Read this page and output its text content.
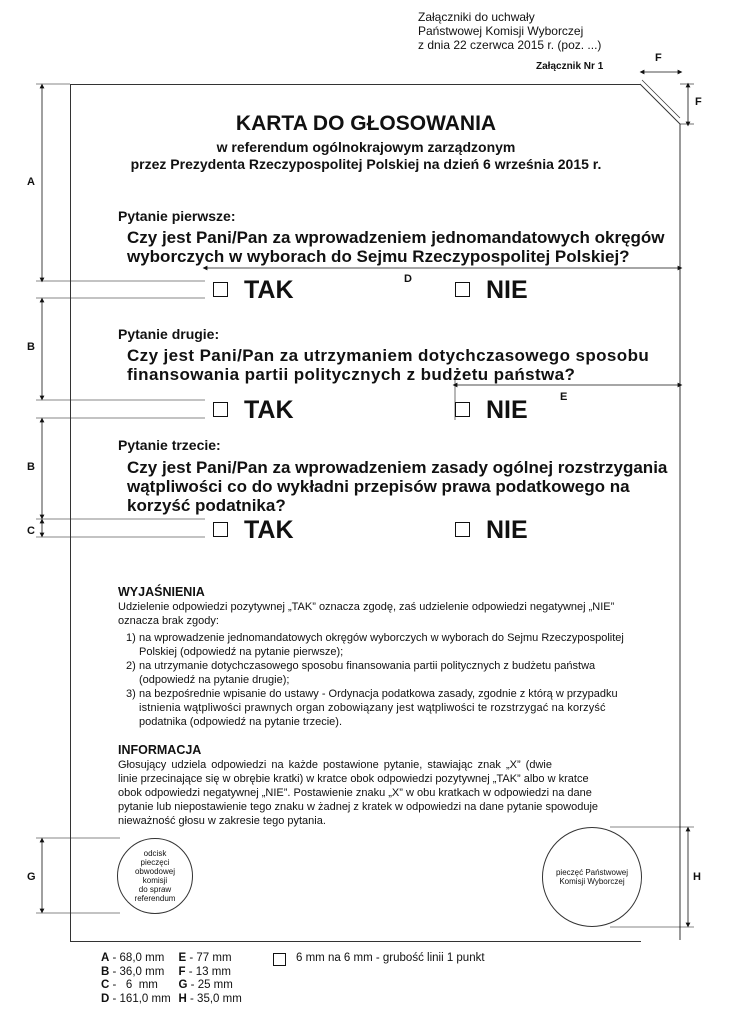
Załączniki do uchwały
Państwowej Komisji Wyborczej
z dnia 22 czerwca 2015 r. (poz. ...)
Załącznik Nr 1
A
B
B
C
D
E
F
F
G	H
KARTA DO GŁOSOWANIA
w referendum ogólnokrajowym zarządzonym
przez Prezydenta Rzeczypospolitej Polskiej na dzień 6 września 2015 r.
Pytanie pierwsze:
Czy jest Pani/Pan za wprowadzeniem jednomandatowych okręgów
wyborczych w wyborach do Sejmu Rzeczypospolitej Polskiej?
TAK	NIE
Pytanie drugie:
Czy jest Pani/Pan za utrzymaniem dotychczasowego sposobu
finansowania partii politycznych z budżetu państwa?
TAK	NIE
Pytanie trzecie:
Czy jest Pani/Pan za wprowadzeniem zasady ogólnej rozstrzygania
wątpliwości co do wykładni przepisów prawa podatkowego na
korzyść podatnika?
TAK	NIE
WYJAŚNIENIA
Udzielenie odpowiedzi pozytywnej „TAK” oznacza zgodę, zaś udzielenie odpowiedzi negatywnej „NIE”
oznacza brak zgody:
1) na wprowadzenie jednomandatowych okręgów wyborczych w wyborach do Sejmu Rzeczypospolitej
Polskiej (odpowiedź na pytanie pierwsze);
2) na utrzymanie dotychczasowego sposobu finansowania partii politycznych z budżetu państwa
(odpowiedź na pytanie drugie);
3) na bezpośrednie wpisanie do ustawy - Ordynacja podatkowa zasady, zgodnie z którą w przypadku
istnienia wątpliwości prawnych organ zobowiązany jest wątpliwości te rozstrzygać na korzyść
podatnika (odpowiedź na pytanie trzecie).
INFORMACJA
Głosujący udziela odpowiedzi na każde postawione pytanie, stawiając znak „X” (dwie
linie przecinające się w obrębie kratki) w kratce obok odpowiedzi pozytywnej „TAK” albo w kratce
obok odpowiedzi negatywnej „NIE”. Postawienie znaku „X” w obu kratkach w odpowiedzi na dane
pytanie lub niepostawienie tego znaku w żadnej z kratek w odpowiedzi na dane pytanie spowoduje
nieważność głosu w zakresie tego pytania.
odcisk
pieczęci
obwodowej
komisji
do spraw
referendum
pieczęć Państwowej
Komisji Wyborczej
A - 68,0 mm E - 77 mm
B - 36,0 mm F - 13 mm
C -   6  mm G - 25 mm
D - 161,0 mm H - 35,0 mm
6 mm na 6 mm - grubość linii 1 punkt
